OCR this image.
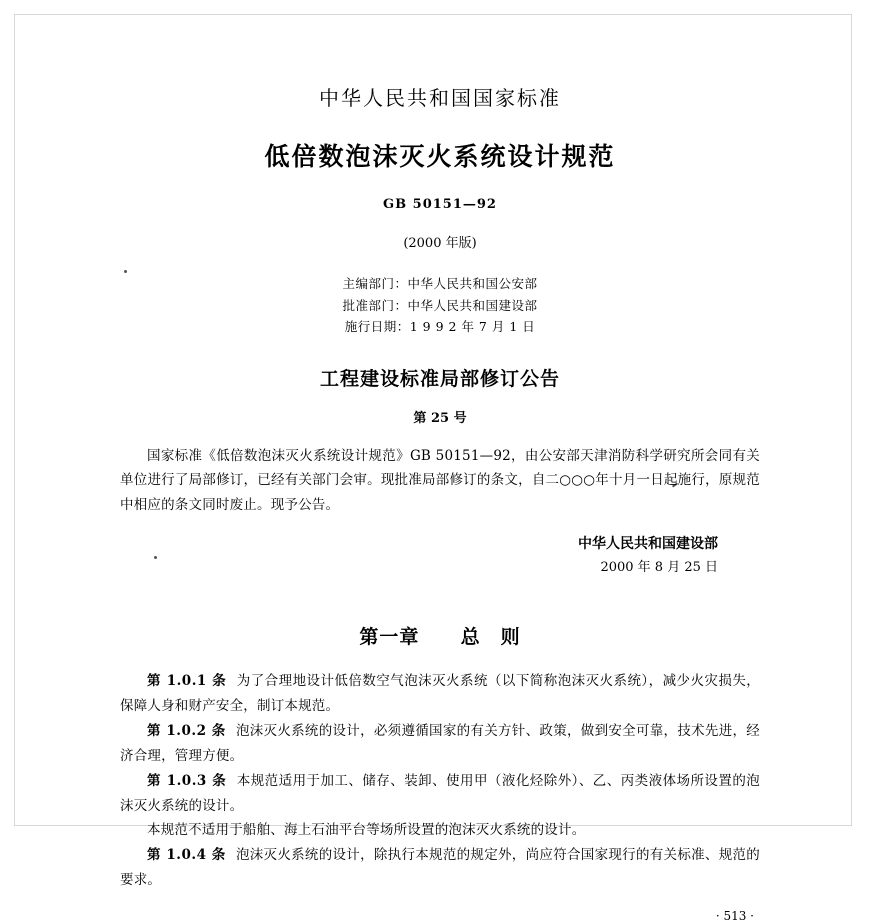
中华人民共和国国家标准
低倍数泡沫灭火系统设计规范
GB 50151—92
(2000 年版)
主编部门：中华人民共和国公安部
批准部门：中华人民共和国建设部
施行日期：1 9 9 2 年 7 月 1 日
工程建设标准局部修订公告
第 25 号
国家标准《低倍数泡沫灭火系统设计规范》GB 50151—92，由公安部天津消防科学研究所会同有关单位进行了局部修订，已经有关部门会审。现批准局部修订的条文，自二○○○年十月一日起施行，原规范中相应的条文同时废止。现予公告。
中华人民共和国建设部
2000 年 8 月 25 日
第一章 总　则
第 1.0.1 条 为了合理地设计低倍数空气泡沫灭火系统（以下简称泡沫灭火系统），减少火灾损失，保障人身和财产安全，制订本规范。
第 1.0.2 条 泡沫灭火系统的设计，必须遵循国家的有关方针、政策，做到安全可靠，技术先进，经济合理，管理方便。
第 1.0.3 条 本规范适用于加工、储存、装卸、使用甲（液化烃除外）、乙、丙类液体场所设置的泡沫灭火系统的设计。
本规范不适用于船舶、海上石油平台等场所设置的泡沫灭火系统的设计。
第 1.0.4 条 泡沫灭火系统的设计，除执行本规范的规定外，尚应符合国家现行的有关标准、规范的要求。
· 513 ·
